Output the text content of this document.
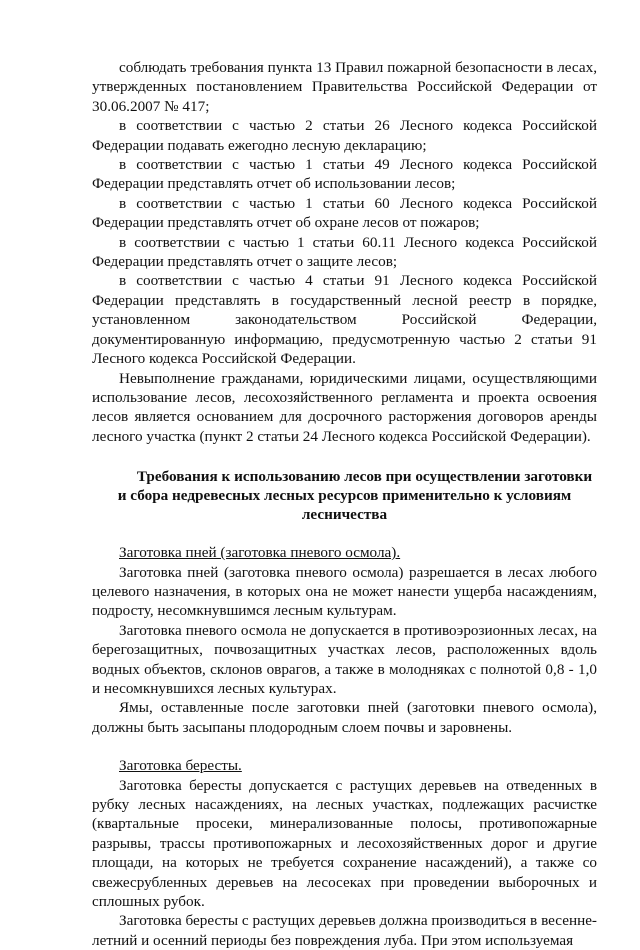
соблюдать требования пункта 13 Правил пожарной безопасности в лесах, утвержденных постановлением Правительства Российской Федерации от 30.06.2007 № 417;

в соответствии с частью 2 статьи 26 Лесного кодекса Российской Федерации подавать ежегодно лесную декларацию;

в соответствии с частью 1 статьи 49 Лесного кодекса Российской Федерации представлять отчет об использовании лесов;

в соответствии с частью 1 статьи 60 Лесного кодекса Российской Федерации представлять отчет об охране лесов от пожаров;

в соответствии с частью 1 статьи 60.11 Лесного кодекса Российской Федерации представлять отчет о защите лесов;

в соответствии с частью 4 статьи 91 Лесного кодекса Российской Федерации представлять в государственный лесной реестр в порядке, установленном законодательством Российской Федерации, документированную информацию, предусмотренную частью 2 статьи 91 Лесного кодекса Российской Федерации.

Невыполнение гражданами, юридическими лицами, осуществляющими использование лесов, лесохозяйственного регламента и проекта освоения лесов является основанием для досрочного расторжения договоров аренды лесного участка (пункт 2 статьи 24 Лесного кодекса Российской Федерации).

Требования к использованию лесов при осуществлении заготовки
и сбора недревесных лесных ресурсов применительно к условиям лесничества

Заготовка пней (заготовка пневого осмола).

Заготовка пней (заготовка пневого осмола) разрешается в лесах любого целевого назначения, в которых она не может нанести ущерба насаждениям, подросту, несомкнувшимся лесным культурам.

Заготовка пневого осмола не допускается в противоэрозионных лесах, на берегозащитных, почвозащитных участках лесов, расположенных вдоль водных объектов, склонов оврагов, а также в молодняках с полнотой 0,8 - 1,0 и несомкнувшихся лесных культурах.

Ямы, оставленные после заготовки пней (заготовки пневого осмола), должны быть засыпаны плодородным слоем почвы и заровнены.

Заготовка бересты.

Заготовка бересты допускается с растущих деревьев на отведенных в рубку лесных насаждениях, на лесных участках, подлежащих расчистке (квартальные просеки, минерализованные полосы, противопожарные разрывы, трассы противопожарных и лесохозяйственных дорог и другие площади, на которых не требуется сохранение насаждений), а также со свежесрубленных деревьев на лесосеках при проведении выборочных и сплошных рубок.

Заготовка бересты с растущих деревьев должна производиться в весенне-летний и осенний периоды без повреждения луба. При этом используемая
